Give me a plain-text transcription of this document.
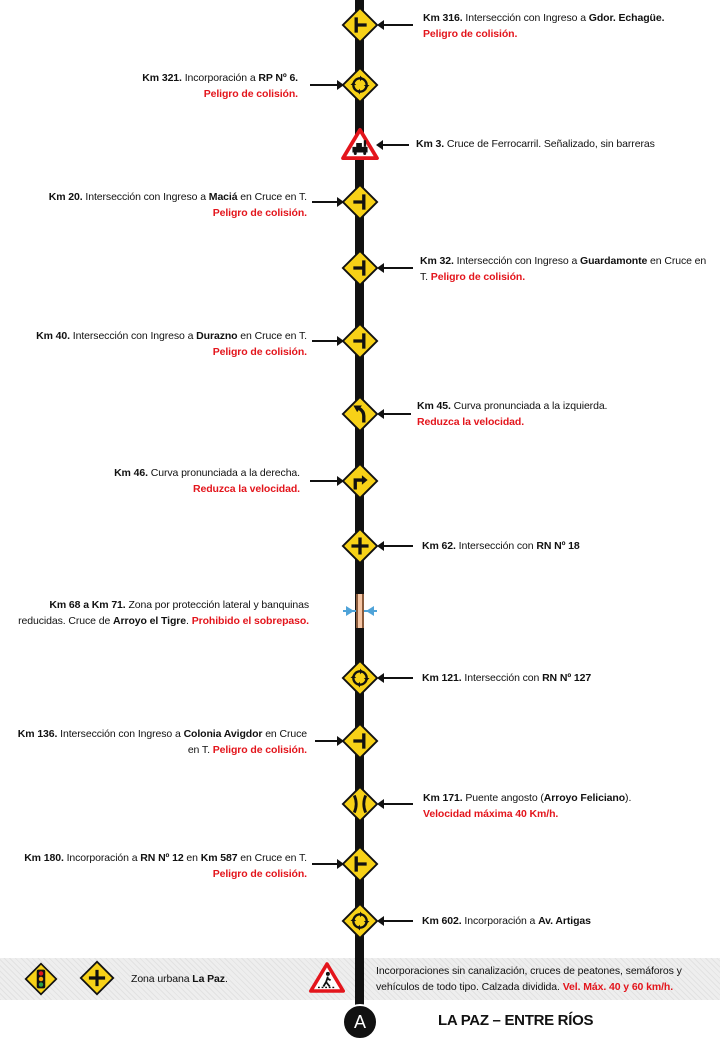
Km 316. Intersección con Ingreso a Gdor. Echagüe.
Peligro de colisión.
Km 321. Incorporación a RP Nº 6.
Peligro de colisión.
Km 3. Cruce de Ferrocarril. Señalizado, sin barreras
Km 20. Intersección con Ingreso a Maciá en Cruce en T.
Peligro de colisión.
Km 32. Intersección con Ingreso a Guardamonte en Cruce en T. Peligro de colisión.
Km 40. Intersección con Ingreso a Durazno en Cruce en T. Peligro de colisión.
Km 45. Curva pronunciada a la izquierda.
Reduzca la velocidad.
Km 46. Curva pronunciada a la derecha.
Reduzca la velocidad.
Km 62. Intersección con RN Nº 18
Km 68 a Km 71. Zona por protección lateral y banquinas reducidas. Cruce de Arroyo el Tigre. Prohibido el sobrepaso.
Km 121. Intersección con RN Nº 127
Km 136. Intersección con Ingreso a Colonia Avigdor en Cruce en T. Peligro de colisión.
Km 171. Puente angosto (Arroyo Feliciano).
Velocidad máxima 40 Km/h.
Km 180. Incorporación a RN Nº 12 en Km 587 en Cruce en T.
Peligro de colisión.
Km 602. Incorporación a Av. Artigas
Zona urbana La Paz.
Incorporaciones sin canalización, cruces de peatones, semáforos y vehículos de todo tipo. Calzada dividida. Vel. Máx. 40 y 60 km/h.
A	LA PAZ – ENTRE RÍOS
